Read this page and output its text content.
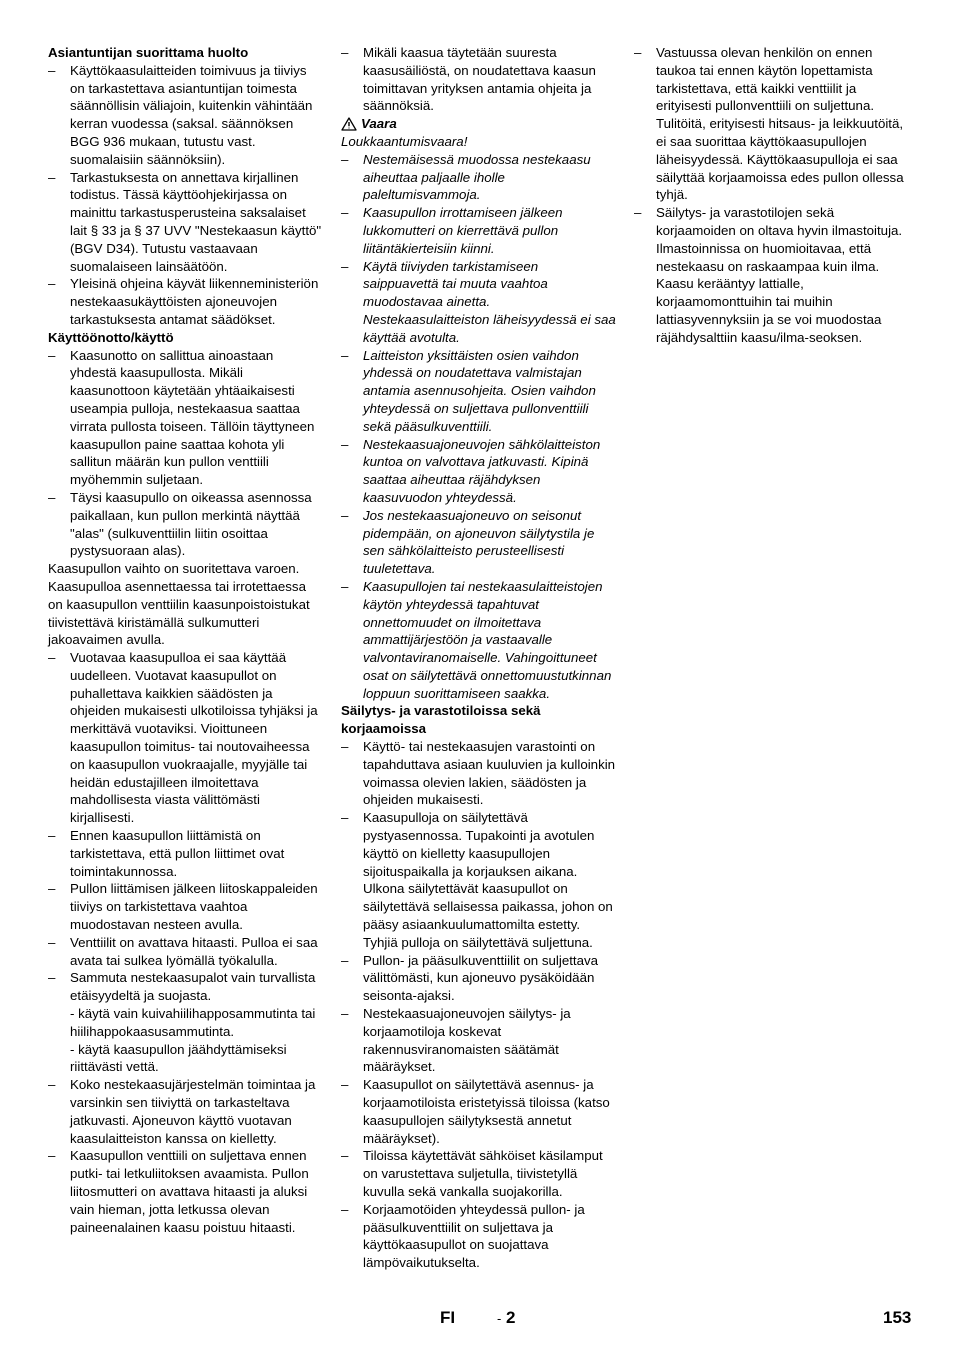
Asiantuntijan suorittama huolto
– Käyttökaasulaitteiden toimivuus ja tiiviys on tarkastettava asiantuntijan toimesta säännöllisin väliajoin, kuitenkin vähintään kerran vuodessa (saksal. säännöksen BGG 936 mukaan, tutustu vast. suomalaisiin säännöksiin).
– Tarkastuksesta on annettava kirjallinen todistus. Tässä käyttöohjekirjassa on mainittu tarkastusperusteina saksalaiset lait § 33 ja § 37 UVV "Nestekaasun käyttö" (BGV D34). Tutustu vastaavaan suomalaiseen lainsäätöön.
– Yleisinä ohjeina käyvät liikenneministeriön nestekaasukäyttöisten ajoneuvojen tarkastuksesta antamat säädökset.
Käyttöönotto/käyttö
– Kaasunotto on sallittua ainoastaan yhdestä kaasupullosta. Mikäli kaasunottoon käytetään yhtäaikaisesti useampia pulloja, nestekaasua saattaa virrata pullosta toiseen. Tällöin täyttyneen kaasupullon paine saattaa kohota yli sallitun määrän kun pullon venttiili myöhemmin suljetaan.
– Täysi kaasupullo on oikeassa asennossa paikallaan, kun pullon merkintä näyttää "alas" (sulkuventtiilin liitin osoittaa pystysuoraan alas).
Kaasupullon vaihto on suoritettava varoen. Kaasupulloa asennettaessa tai irrotettaessa on kaasupullon venttiilin kaasunpoistoistukat tiivistettävä kiristämällä sulkumutteri jakoavaimen avulla.
– Vuotavaa kaasupulloa ei saa käyttää uudelleen. Vuotavat kaasupullot on puhallettava kaikkien säädösten ja ohjeiden mukaisesti ulkotiloissa tyhjäksi ja merkittävä vuotaviksi. Vioittuneen kaasupullon toimitus- tai noutovaiheessa on kaasupullon vuokraajalle, myyjälle tai heidän edustajilleen ilmoitettava mahdollisesta viasta välittömästi kirjallisesti.
– Ennen kaasupullon liittämistä on tarkistettava, että pullon liittimet ovat toimintakunnossa.
– Pullon liittämisen jälkeen liitoskappaleiden tiiviys on tarkistettava vaahtoa muodostavan nesteen avulla.
– Venttiilit on avattava hitaasti. Pulloa ei saa avata tai sulkea lyömällä työkalulla.
– Sammuta nestekaasupalot vain turvallista etäisyydeltä ja suojasta.
- käytä vain kuivahiilihapposammutinta tai hiilihappokaasusammutinta.
- käytä kaasupullon jäähdyttämiseksi riittävästi vettä.
– Koko nestekaasujärjestelmän toimintaa ja varsinkin sen tiiviyttä on tarkasteltava jatkuvasti. Ajoneuvon käyttö vuotavan kaasulaitteiston kanssa on kielletty.
– Kaasupullon venttiili on suljettava ennen putki- tai letkuliitoksen avaamista. Pullon liitosmutteri on avattava hitaasti ja aluksi vain hieman, jotta letkussa olevan paineenalainen kaasu poistuu hitaasti.
– Mikäli kaasua täytetään suuresta kaasusäiliöstä, on noudatettava kaasun toimittavan yrityksen antamia ohjeita ja säännöksiä.
Vaara
Loukkaantumisvaara!
– Nestemäisessä muodossa nestekaasu aiheuttaa paljaalle iholle paleltumisvammoja.
– Kaasupullon irrottamiseen jälkeen lukkomutteri on kierrettävä pullon liitäntäkierteisiin kiinni.
– Käytä tiiviyden tarkistamiseen saippuavettä tai muuta vaahtoa muodostavaa ainetta. Nestekaasulaitteiston läheisyydessä ei saa käyttää avotulta.
– Laitteiston yksittäisten osien vaihdon yhdessä on noudatettava valmistajan antamia asennusohjeita. Osien vaihdon yhteydessä on suljettava pullonventtiili sekä pääsulkuventtiili.
– Nestekaasuajoneuvojen sähkölaitteiston kuntoa on valvottava jatkuvasti. Kipinä saattaa aiheuttaa räjähdyksen kaasuvuodon yhteydessä.
– Jos nestekaasuajoneuvo on seisonut pidempään, on ajoneuvon säilytystila je sen sähkölaitteisto perusteellisesti tuuletettava.
– Kaasupullojen tai nestekaasulaitteistojen käytön yhteydessä tapahtuvat onnettomuudet on ilmoitettava ammattijärjestöön ja vastaavalle valvontaviranomaiselle. Vahingoittuneet osat on säilytettävä onnettomuustutkinnan loppuun suorittamiseen saakka.
Säilytys- ja varastotiloissa sekä korjaamoissa
– Käyttö- tai nestekaasujen varastointi on tapahduttava asiaan kuuluvien ja kulloinkin voimassa olevien lakien, säädösten ja ohjeiden mukaisesti.
– Kaasupulloja on säilytettävä pystyasennossa. Tupakointi ja avotulen käyttö on kielletty kaasupullojen sijoituspaikalla ja korjauksen aikana. Ulkona säilytettävät kaasupullot on säilytettävä sellaisessa paikassa, johon on pääsy asiaankuulumattomilta estetty. Tyhjiä pulloja on säilytettävä suljettuna.
– Pullon- ja pääsulkuventtiilit on suljettava välittömästi, kun ajoneuvo pysäköidään seisonta-ajaksi.
– Nestekaasuajoneuvojen säilytys- ja korjaamotiloja koskevat rakennusviranomaisten säätämät määräykset.
– Kaasupullot on säilytettävä asennus- ja korjaamotiloista eristetyissä tiloissa (katso kaasupullojen säilytyksestä annetut määräykset).
– Tiloissa käytettävät sähköiset käsilamput on varustettava suljetulla, tiivistetyllä kuvulla sekä vankalla suojakorilla.
– Korjaamotöiden yhteydessä pullon- ja pääsulkuventtiilit on suljettava ja käyttökaasupullot on suojattava lämpövaikutukselta.
– Vastuussa olevan henkilön on ennen taukoa tai ennen käytön lopettamista tarkistettava, että kaikki venttiilit ja erityisesti pullonventtiili on suljettuna. Tulitöitä, erityisesti hitsaus- ja leikkuutöitä, ei saa suorittaa käyttökaasupullojen läheisyydessä. Käyttökaasupulloja ei saa säilyttää korjaamoissa edes pullon ollessa tyhjä.
– Säilytys- ja varastotilojen sekä korjaamoiden on oltava hyvin ilmastoituja. Ilmastoinnissa on huomioitavaa, että nestekaasu on raskaampaa kuin ilma. Kaasu kerääntyy lattialle, korjaamomonttuihin tai muihin lattiasyvennyksiin ja se voi muodostaa räjähdysalttiin kaasu/ilma-seoksen.
FI	- 2	153
